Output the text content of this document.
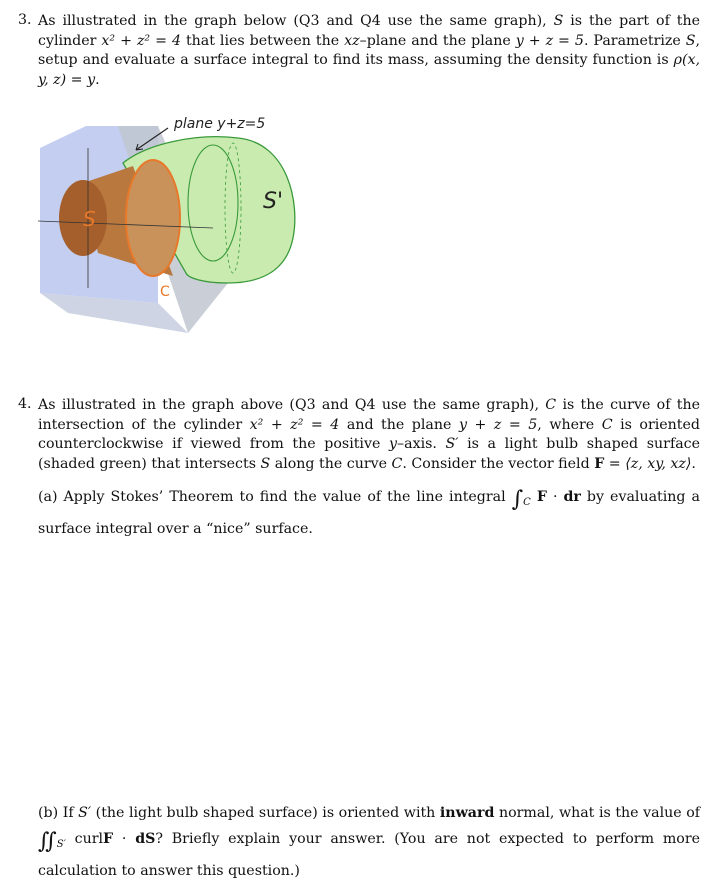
3. As illustrated in the graph below (Q3 and Q4 use the same graph), S is the part of the cylinder x² + z² = 4 that lies between the xz–plane and the plane y + z = 5. Parametrize S, setup and evaluate a surface integral to find its mass, assuming the density function is ρ(x, y, z) = y.
plane y+z=5
S'
C
S
4. As illustrated in the graph above (Q3 and Q4 use the same graph), C is the curve of the intersection of the cylinder x² + z² = 4 and the plane y + z = 5, where C is oriented counterclockwise if viewed from the positive y–axis. S′ is a light bulb shaped surface (shaded green) that intersects S along the curve C. Consider the vector field F = ⟨z, xy, xz⟩.
(a) Apply Stokes’ Theorem to find the value of the line integral $\int_C$ F · dr by evaluating a surface integral over a “nice” surface.
(b) If S′ (the light bulb shaped surface) is oriented with inward normal, what is the value of $∬_{S'}$ curlF · dS? Briefly explain your answer. (You are not expected to perform more calculation to answer this question.)
